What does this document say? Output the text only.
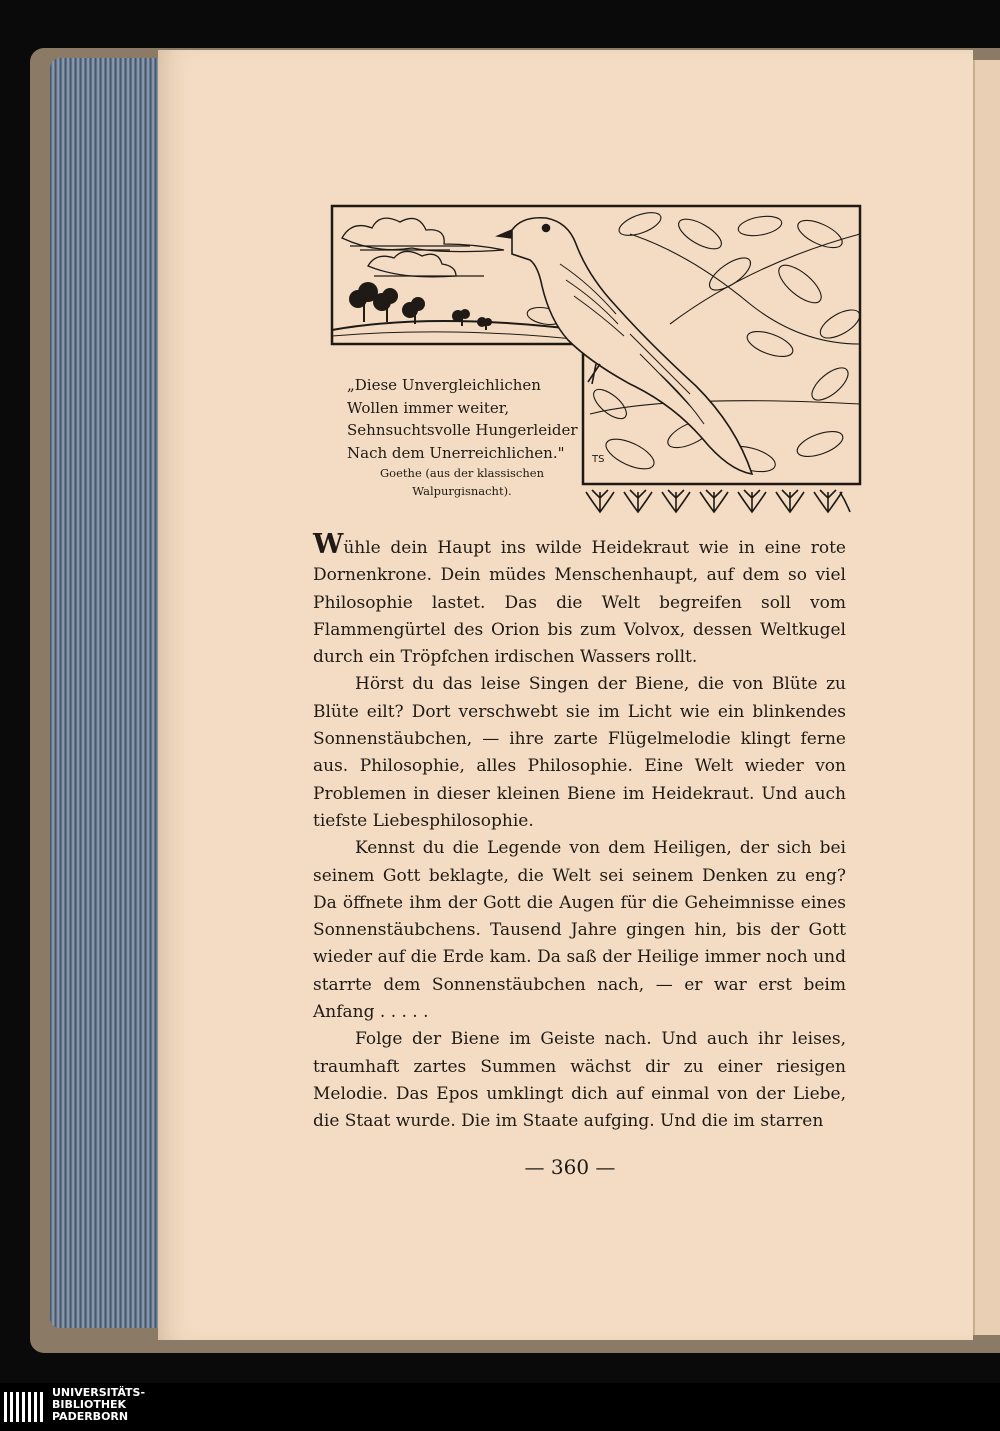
TS

„Diese Unvergleichlichen

Wollen immer weiter,

Sehnsuchtsvolle Hungerleider

Nach dem Unerreichlichen."

Goethe (aus der klassischen

Walpurgisnacht).

Wühle dein Haupt ins wilde Heidekraut wie in eine rote Dornenkrone. Dein müdes Menschenhaupt, auf dem so viel Philosophie lastet. Das die Welt begreifen soll vom Flammengürtel des Orion bis zum Volvox, dessen Weltkugel durch ein Tröpfchen irdischen Wassers rollt.

Hörst du das leise Singen der Biene, die von Blüte zu Blüte eilt? Dort verschwebt sie im Licht wie ein blinkendes Sonnenstäubchen, — ihre zarte Flügelmelodie klingt ferne aus. Philosophie, alles Philosophie. Eine Welt wieder von Problemen in dieser kleinen Biene im Heidekraut. Und auch tiefste Liebesphilosophie.

Kennst du die Legende von dem Heiligen, der sich bei seinem Gott beklagte, die Welt sei seinem Denken zu eng? Da öffnete ihm der Gott die Augen für die Geheimnisse eines Sonnenstäubchens. Tausend Jahre gingen hin, bis der Gott wieder auf die Erde kam. Da saß der Heilige immer noch und starrte dem Sonnenstäubchen nach, — er war erst beim Anfang . . . . .

Folge der Biene im Geiste nach. Und auch ihr leises, traumhaft zartes Summen wächst dir zu einer riesigen Melodie. Das Epos umklingt dich auf einmal von der Liebe, die Staat wurde. Die im Staate aufging. Und die im starren

— 360 —
UNIVERSITÄTS-
BIBLIOTHEK
PADERBORN
